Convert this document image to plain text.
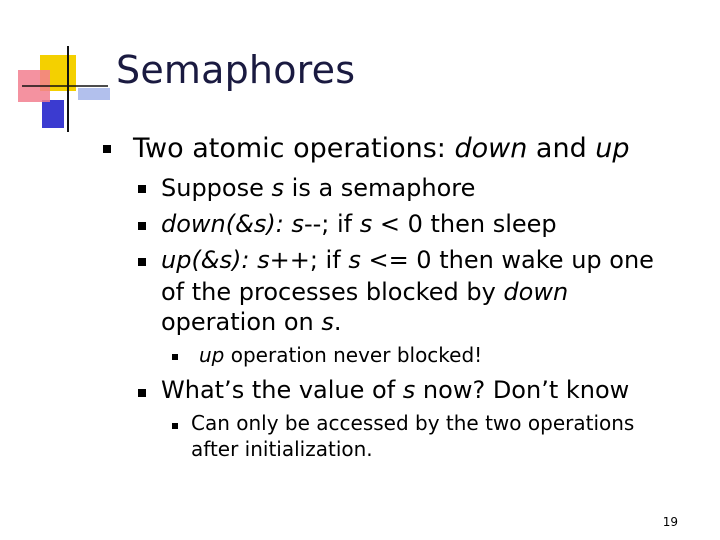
Semaphores
Two atomic operations: down and up
Suppose s is a semaphore
down(&s): s--; if s < 0 then sleep
up(&s): s++; if s <= 0 then wake up one
of the processes blocked by down
operation on s.
up operation never blocked!
What’s the value of s now? Don’t know
Can only be accessed by the two operations
after initialization.
19
